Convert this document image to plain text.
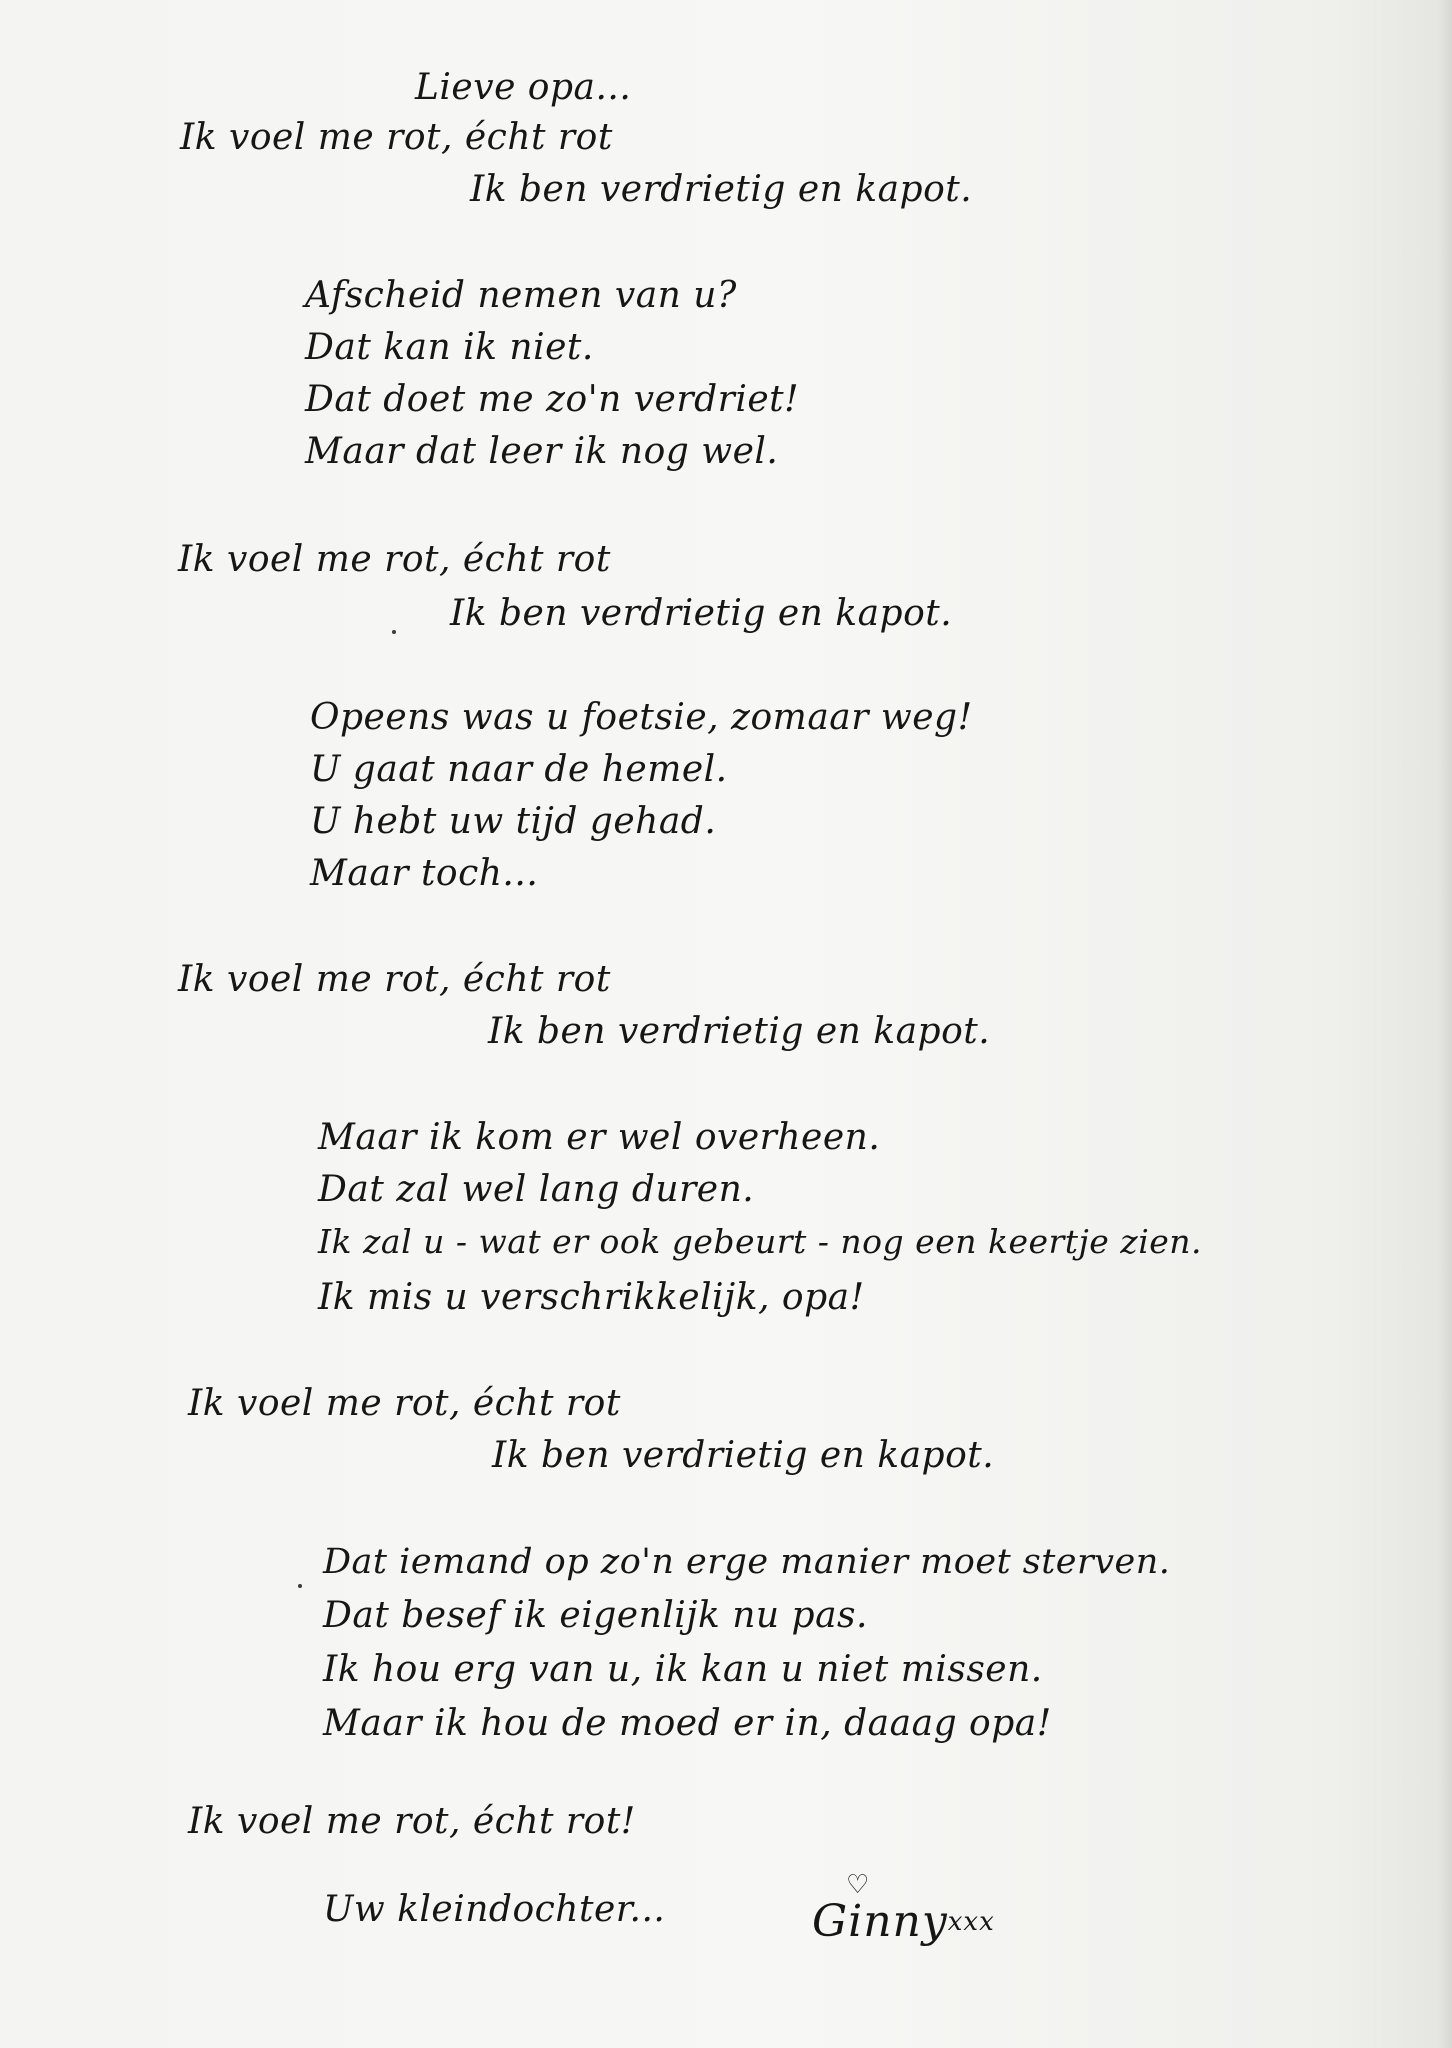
Lieve opa...
Ik voel me rot, écht rot
Ik ben verdrietig en kapot.
Afscheid nemen van u?
Dat kan ik niet.
Dat doet me zo'n verdriet!
Maar dat leer ik nog wel.
Ik voel me rot, écht rot
Ik ben verdrietig en kapot.
Opeens was u foetsie, zomaar weg!
U gaat naar de hemel.
U hebt uw tijd gehad.
Maar toch...
Ik voel me rot, écht rot
Ik ben verdrietig en kapot.
Maar ik kom er wel overheen.
Dat zal wel lang duren.
Ik zal u - wat er ook gebeurt - nog een keertje zien.
Ik mis u verschrikkelijk, opa!
Ik voel me rot, écht rot
Ik ben verdrietig en kapot.
Dat iemand op zo'n erge manier moet sterven.
Dat besef ik eigenlijk nu pas.
Ik hou erg van u, ik kan u niet missen.
Maar ik hou de moed er in, daaag opa!
Ik voel me rot, écht rot!
Uw kleindochter...
♡
Ginnyxxx
